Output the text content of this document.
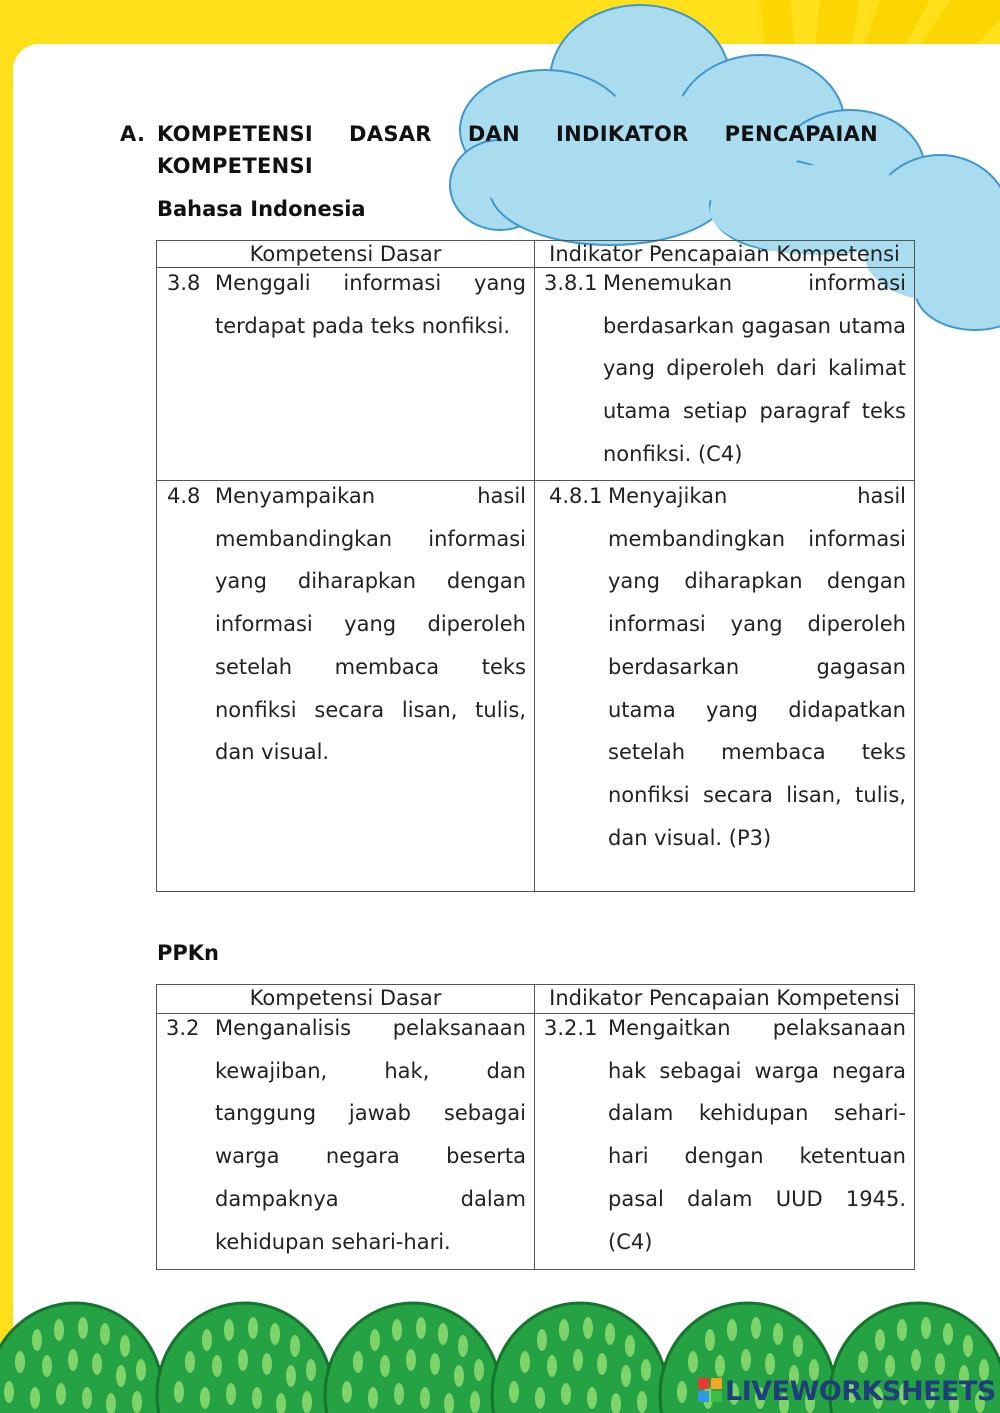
A. KOMPETENSI DASAR DAN INDIKATOR PENCAPAIAN
KOMPETENSI
Bahasa Indonesia
Kompetensi Dasar	Indikator Pencapaian Kompetensi

3.8 Menggali informasi yang terdapat pada teks nonfiksi.	3.8.1 Menemukan informasi berdasarkan gagasan utama yang diperoleh dari kalimat utama setiap paragraf teks nonfiksi. (C4)

4.8 Menyampaikan hasil membandingkan informasi yang diharapkan dengan informasi yang diperoleh setelah membaca teks nonfiksi secara lisan, tulis, dan visual.	4.8.1 Menyajikan hasil membandingkan informasi yang diharapkan dengan informasi yang diperoleh berdasarkan gagasan utama yang didapatkan setelah membaca teks nonfiksi secara lisan, tulis, dan visual. (P3)
PPKn
Kompetensi Dasar	Indikator Pencapaian Kompetensi

3.2 Menganalisis pelaksanaan kewajiban, hak, dan tanggung jawab sebagai warga negara beserta dampaknya dalam kehidupan sehari-hari.	3.2.1 Mengaitkan pelaksanaan hak sebagai warga negara dalam kehidupan sehari-hari dengan ketentuan pasal dalam UUD 1945. (C4)
LIVEWORKSHEETS
